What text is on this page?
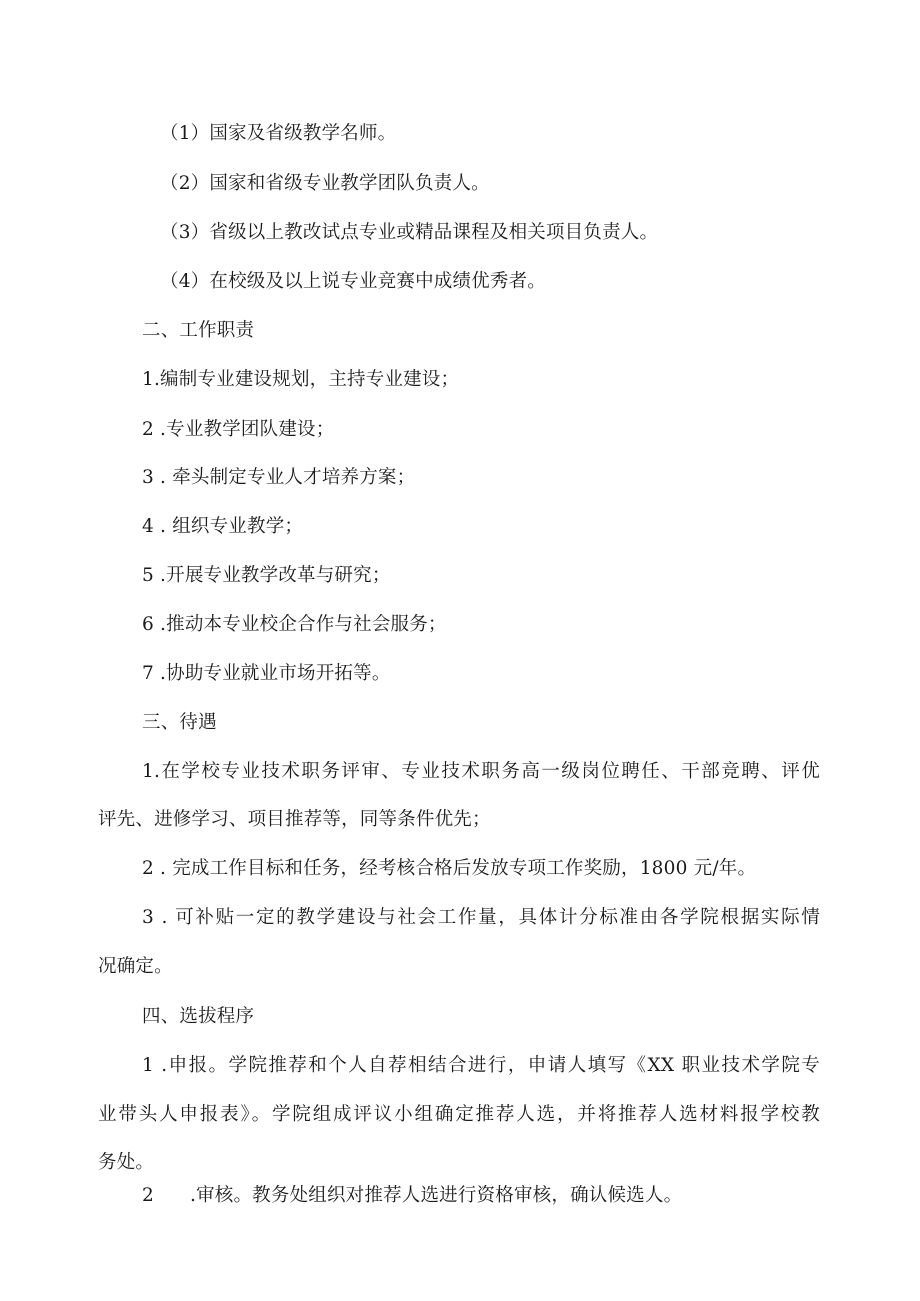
（1）国家及省级教学名师。
（2）国家和省级专业教学团队负责人。
（3）省级以上教改试点专业或精品课程及相关项目负责人。
（4）在校级及以上说专业竞赛中成绩优秀者。
二、工作职责
1.编制专业建设规划，主持专业建设；
2 .专业教学团队建设；
3 . 牵头制定专业人才培养方案；
4 . 组织专业教学；
5 .开展专业教学改革与研究；
6 .推动本专业校企合作与社会服务；
7 .协助专业就业市场开拓等。
三、待遇
1.在学校专业技术职务评审、专业技术职务高一级岗位聘任、干部竞聘、评优
评先、进修学习、项目推荐等，同等条件优先；
2 . 完成工作目标和任务，经考核合格后发放专项工作奖励，1800 元/年。
3 . 可补贴一定的教学建设与社会工作量，具体计分标准由各学院根据实际情
况确定。
四、选拔程序
1 .申报。学院推荐和个人自荐相结合进行，申请人填写《XX 职业技术学院专
业带头人申报表》。学院组成评议小组确定推荐人选，并将推荐人选材料报学校教
务处。
2 .审核。教务处组织对推荐人选进行资格审核，确认候选人。
